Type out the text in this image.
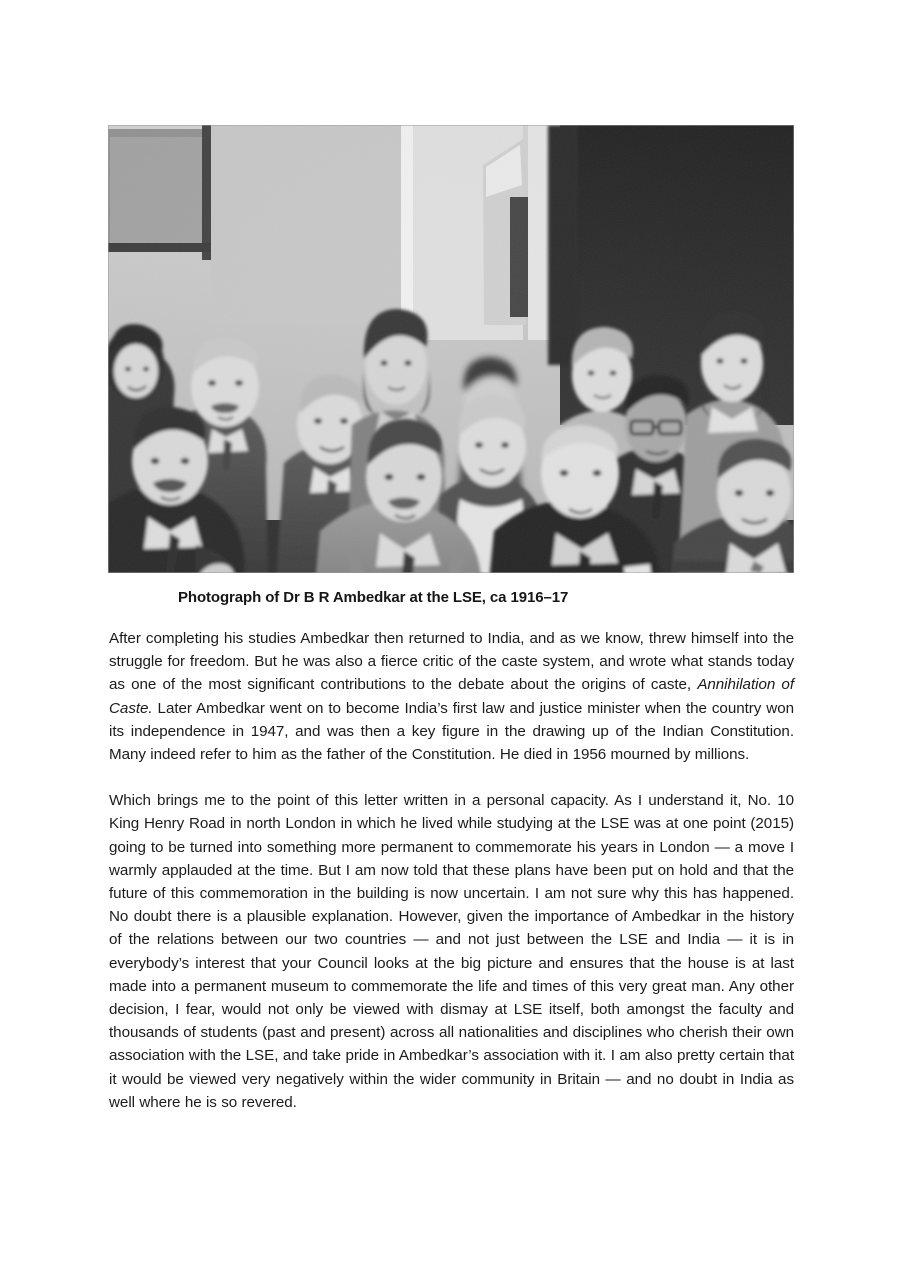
Photograph of Dr B R Ambedkar at the LSE, ca 1916–17

After completing his studies Ambedkar then returned to India, and as we know, threw himself into the struggle for freedom. But he was also a fierce critic of the caste system, and wrote what stands today as one of the most significant contributions to the debate about the origins of caste, Annihilation of Caste. Later Ambedkar went on to become India’s first law and justice minister when the country won its independence in 1947, and was then a key figure in the drawing up of the Indian Constitution. Many indeed refer to him as the father of the Constitution. He died in 1956 mourned by millions.

Which brings me to the point of this letter written in a personal capacity. As I understand it, No. 10 King Henry Road in north London in which he lived while studying at the LSE was at one point (2015) going to be turned into something more permanent to commemorate his years in London — a move I warmly applauded at the time. But I am now told that these plans have been put on hold and that the future of this commemoration in the building is now uncertain. I am not sure why this has happened. No doubt there is a plausible explanation. However, given the importance of Ambedkar in the history of the relations between our two countries — and not just between the LSE and India — it is in everybody’s interest that your Council looks at the big picture and ensures that the house is at last made into a permanent museum to commemorate the life and times of this very great man. Any other decision, I fear, would not only be viewed with dismay at LSE itself, both amongst the faculty and thousands of students (past and present) across all nationalities and disciplines who cherish their own association with the LSE, and take pride in Ambedkar’s association with it. I am also pretty certain that it would be viewed very negatively within the wider community in Britain — and no doubt in India as well where he is so revered.
